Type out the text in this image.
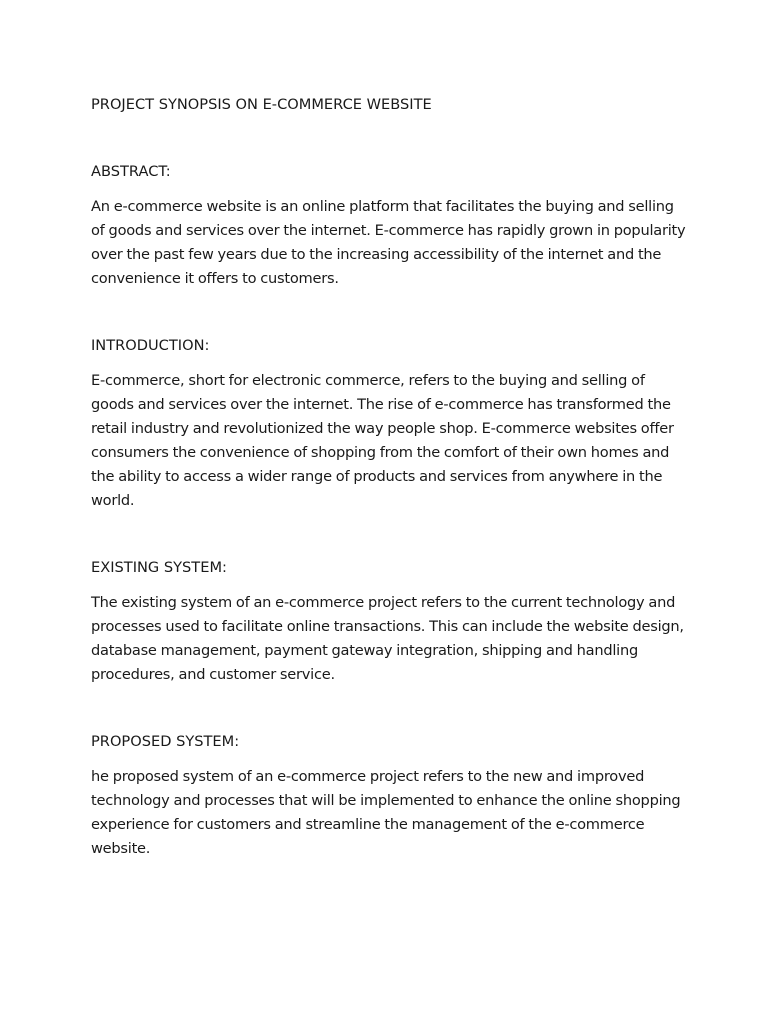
PROJECT SYNOPSIS ON E-COMMERCE WEBSITE
ABSTRACT:

An e-commerce website is an online platform that facilitates the buying and selling of goods and services over the internet. E-commerce has rapidly grown in popularity over the past few years due to the increasing accessibility of the internet and the convenience it offers to customers.

INTRODUCTION:

E-commerce, short for electronic commerce, refers to the buying and selling of goods and services over the internet. The rise of e-commerce has transformed the retail industry and revolutionized the way people shop. E-commerce websites offer consumers the convenience of shopping from the comfort of their own homes and the ability to access a wider range of products and services from anywhere in the world.

EXISTING SYSTEM:

The existing system of an e-commerce project refers to the current technology and processes used to facilitate online transactions. This can include the website design, database management, payment gateway integration, shipping and handling procedures, and customer service.

PROPOSED SYSTEM:

he proposed system of an e-commerce project refers to the new and improved technology and processes that will be implemented to enhance the online shopping experience for customers and streamline the management of the e-commerce website.
